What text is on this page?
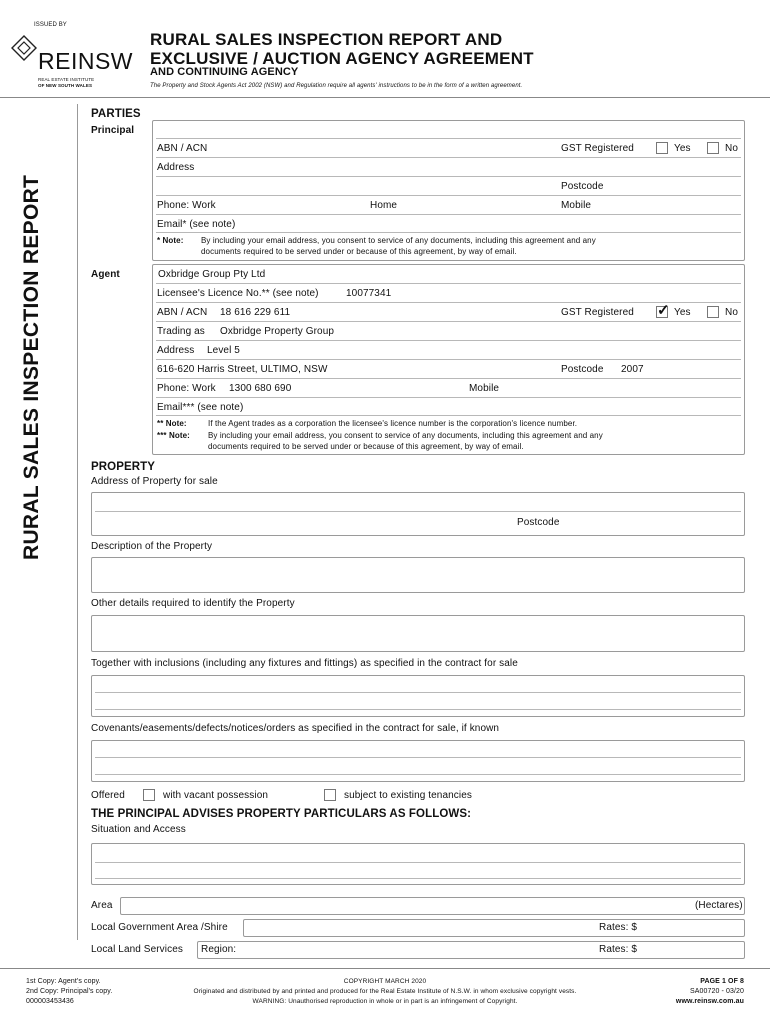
ISSUED BY
REINSW
REAL ESTATE INSTITUTE
OF NEW SOUTH WALES
RURAL SALES INSPECTION REPORT AND
EXCLUSIVE / AUCTION AGENCY AGREEMENT
AND CONTINUING AGENCY
The Property and Stock Agents Act 2002 (NSW) and Regulation require all agents' instructions to be in the form of a written agreement.
RURAL SALES INSPECTION REPORT
PARTIES
Principal
ABN / ACN	GST Registered	Yes	No
Address
Postcode
Phone: Work	Home	Mobile
Email* (see note)
* Note: By including your email address, you consent to service of any documents, including this agreement and any
documents required to be served under or because of this agreement, by way of email.
Agent	Oxbridge Group Pty Ltd
Licensee's Licence No.** (see note)	10077341
ABN / ACN 18 616 229 611	GST Registered ✓ Yes	No
Trading as Oxbridge Property Group
Address Level 5
616-620 Harris Street, ULTIMO, NSW	Postcode 2007
Phone: Work 1300 680 690	Mobile
Email*** (see note)
** Note:	If the Agent trades as a corporation the licensee's licence number is the corporation's licence number.
*** Note: By including your email address, you consent to service of any documents, including this agreement and any
documents required to be served under or because of this agreement, by way of email.
PROPERTY
Address of Property for sale
Postcode
Description of the Property
Other details required to identify the Property
Together with inclusions (including any fixtures and fittings) as specified in the contract for sale
Covenants/easements/defects/notices/orders as specified in the contract for sale, if known
Offered	with vacant possession	subject to existing tenancies
THE PRINCIPAL ADVISES PROPERTY PARTICULARS AS FOLLOWS:
Situation and Access
Area	(Hectares)
Local Government Area /Shire	Rates: $
Local Land Services Region:	Rates: $
1st Copy: Agent's copy.
2nd Copy: Principal's copy.
000003453436
COPYRIGHT MARCH 2020
Originated and distributed by and printed and produced for the Real Estate Institute of N.S.W. in whom exclusive copyright vests.
WARNING: Unauthorised reproduction in whole or in part is an infringement of Copyright.
PAGE 1 OF 8
SA00720 - 03/20
www.reinsw.com.au
